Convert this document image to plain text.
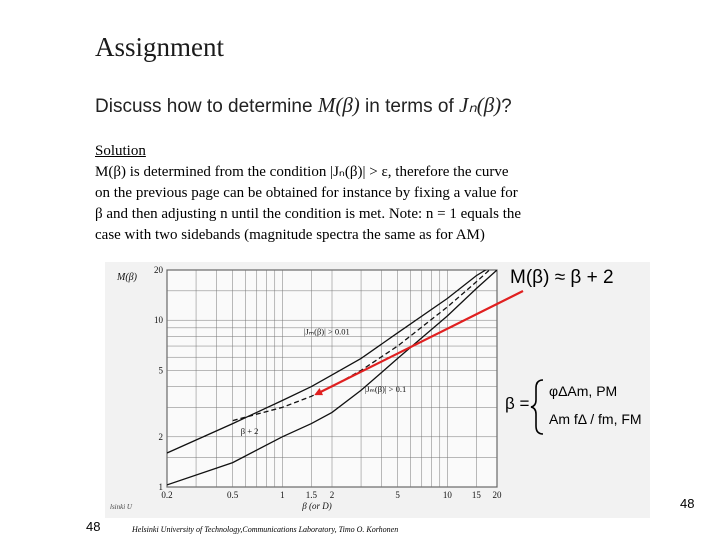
Assignment
Discuss how to determine M(β) in terms of Jₙ(β)?
Solution
M(β) is determined from the condition |Jₙ(β)| > ε, therefore the curve
on the previous page can be obtained for instance by fixing a value for
β and then adjusting n until the condition is met. Note: n = 1 equals the
case with two sidebands (magnitude spectra the same as for AM)
0.2	0.5	1 1.5 2	5	10 15 20
20
10
5
2
1
M(β)
β (or D)
lsinki U
|Jₘ(β)| > 0.01
|Jₘ(β)| > 0.1
β + 2
M(β) ≈ β + 2
β =
φΔAm, PM
Am fΔ / fm, FM
48
48	Helsinki University of Technology,Communications Laboratory, Timo O. Korhonen
